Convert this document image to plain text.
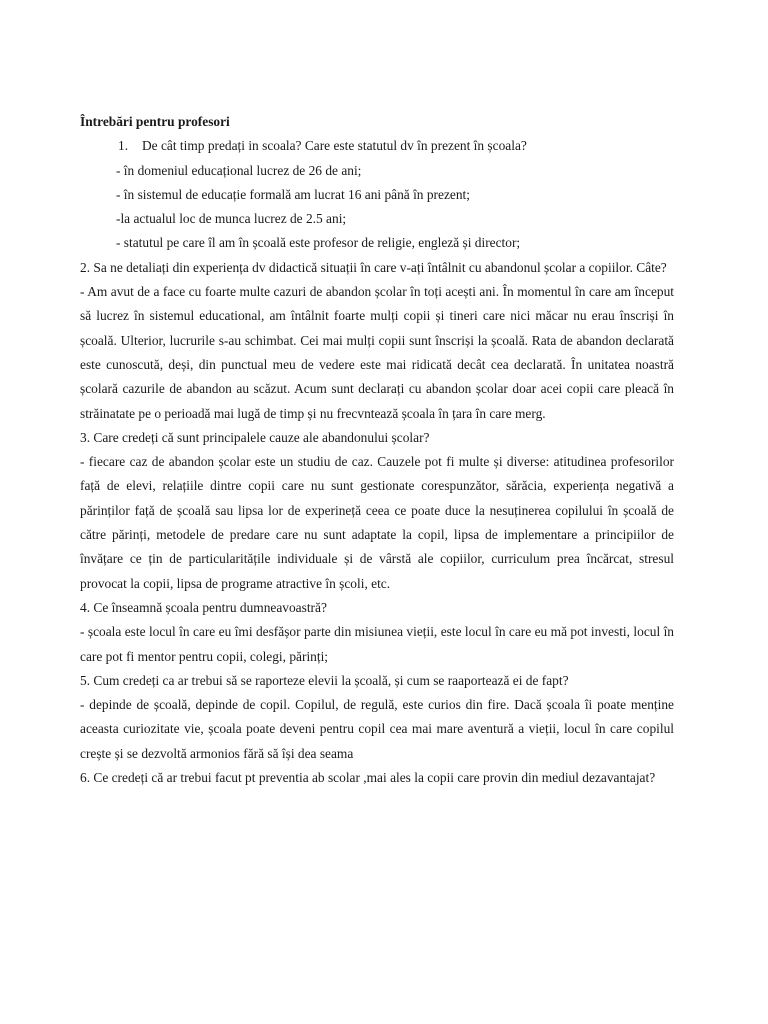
Întrebări pentru profesori

1. De cât timp predați in scoala? Care este statutul dv în prezent în școala?

- în domeniul educațional lucrez de 26 de ani;

- în sistemul de educație formală am lucrat 16 ani până în prezent;

-la actualul loc de munca lucrez de 2.5 ani;

- statutul pe care îl am în școală este profesor de religie, engleză și director;

2. Sa ne detaliați din experiența dv didactică situații în care v-ați întâlnit cu abandonul școlar a copiilor. Câte?

- Am avut de a face cu foarte multe cazuri de abandon școlar în toți acești ani. În momentul în care am început să lucrez în sistemul educational, am întâlnit foarte mulți copii și tineri care nici măcar nu erau înscriși în școală. Ulterior, lucrurile s-au schimbat. Cei mai mulți copii sunt înscriși la școală. Rata de abandon declarată este cunoscută, deși, din punctual meu de vedere este mai ridicată decât cea declarată. În unitatea noastră școlară cazurile de abandon au scăzut. Acum sunt declarați cu abandon școlar doar acei copii care pleacă în străinatate pe o perioadă mai lugă de timp și nu frecvntează școala în țara în care merg.

3. Care credeți că sunt principalele cauze ale abandonului școlar?

- fiecare caz de abandon școlar este un studiu de caz. Cauzele pot fi multe și diverse: atitudinea profesorilor față de elevi, relațiile dintre copii care nu sunt gestionate corespunzător, sărăcia, experiența negativă a părinților față de școală sau lipsa lor de experinеță ceea ce poate duce la nesuținerea copilului în școală de către părinți, metodele de predare care nu sunt adaptate la copil, lipsa de implementare a principiilor de învățare ce țin de particularitățile individuale și de vârstă ale copiilor, curriculum prea încărcat, stresul provocat la copii, lipsa de programe atractive în școli, etc.

4. Ce înseamnă școala pentru dumneavoastră?

- școala este locul în care eu îmi desfășor parte din misiunea vieții, este locul în care eu mă pot investi, locul în care pot fi mentor pentru copii, colegi, părinți;

5. Cum credeți ca ar trebui să se raporteze elevii la școală, și cum se raaportează ei de fapt?

- depinde de școală, depinde de copil. Copilul, de regulă, este curios din fire. Dacă școala îi poate menține aceasta curiozitate vie, școala poate deveni pentru copil cea mai mare aventură a vieții, locul în care copilul crește și se dezvoltă armonios fără să își dea seama

6. Ce credeți că ar trebui facut pt preventia ab scolar ,mai ales la copii care provin din mediul dezavantajat?
